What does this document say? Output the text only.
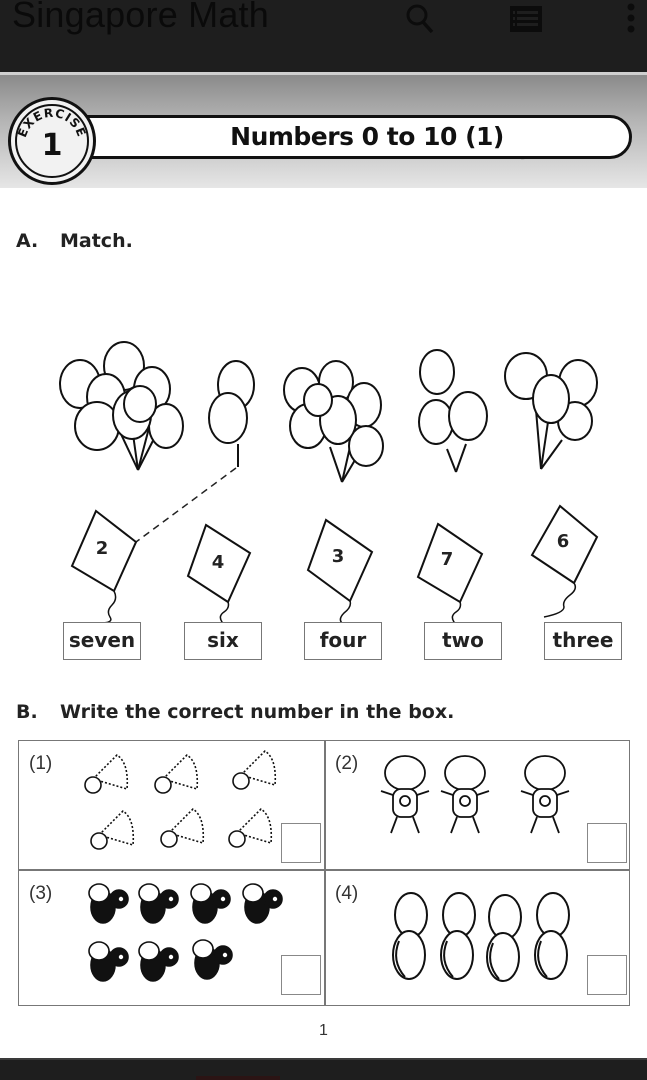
Singapore Math
Numbers 0 to 10 (1)
EXERCISE
1
A. Match.
2
4	3	7
6
seven	six	four	two	three
B. Write the correct number in the box.
(1)	(2)
(3)	(4)
1
